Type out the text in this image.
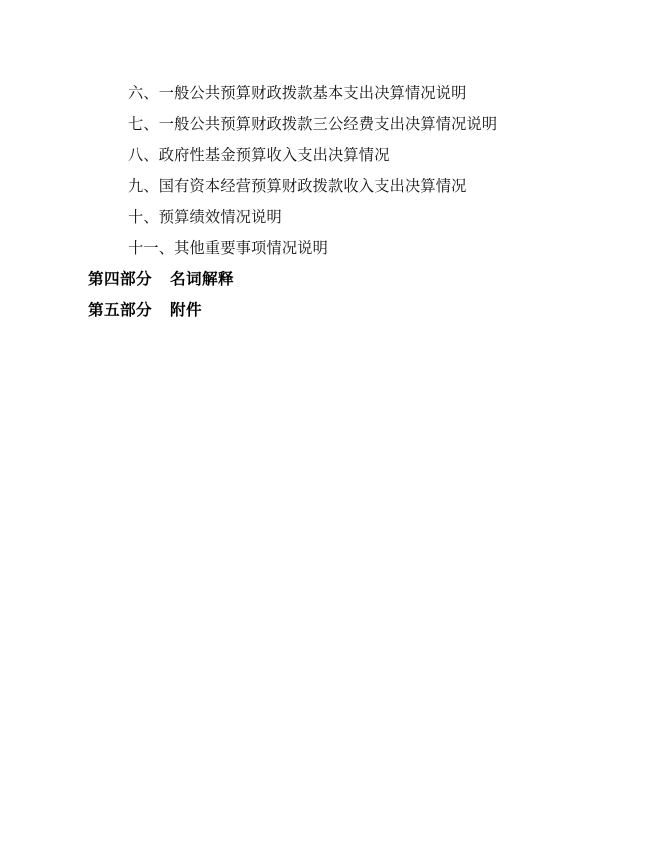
六、一般公共预算财政拨款基本支出决算情况说明
七、一般公共预算财政拨款三公经费支出决算情况说明
八、政府性基金预算收入支出决算情况
九、国有资本经营预算财政拨款收入支出决算情况
十、预算绩效情况说明
十一、其他重要事项情况说明
第四部分 名词解释
第五部分 附件
